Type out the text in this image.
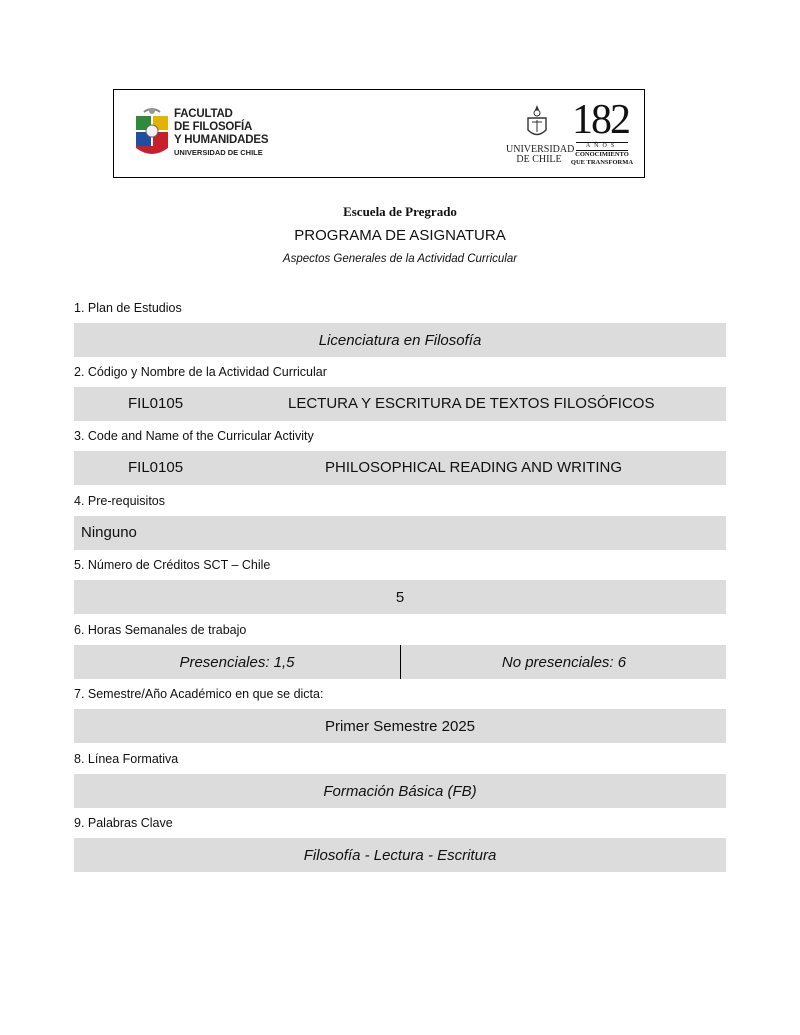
FACULTAD
DE FILOSOFÍA
Y HUMANIDADES
UNIVERSIDAD DE CHILE	UNIVERSIDAD
DE CHILE
182
AÑOS
CONOCIMIENTO
QUE TRANSFORMA
Escuela de Pregrado
PROGRAMA DE ASIGNATURA
Aspectos Generales de la Actividad Curricular
1. Plan de Estudios
Licenciatura en Filosofía
2. Código y Nombre de la Actividad Curricular
FIL0105	LECTURA Y ESCRITURA DE TEXTOS FILOSÓFICOS
3. Code and Name of the Curricular Activity
FIL0105	PHILOSOPHICAL READING AND WRITING
4. Pre-requisitos
Ninguno
5. Número de Créditos SCT – Chile
5
6. Horas Semanales de trabajo
Presenciales: 1,5	No presenciales: 6
7. Semestre/Año Académico en que se dicta:
Primer Semestre 2025
8. Línea Formativa
Formación Básica (FB)
9. Palabras Clave
Filosofía - Lectura - Escritura
